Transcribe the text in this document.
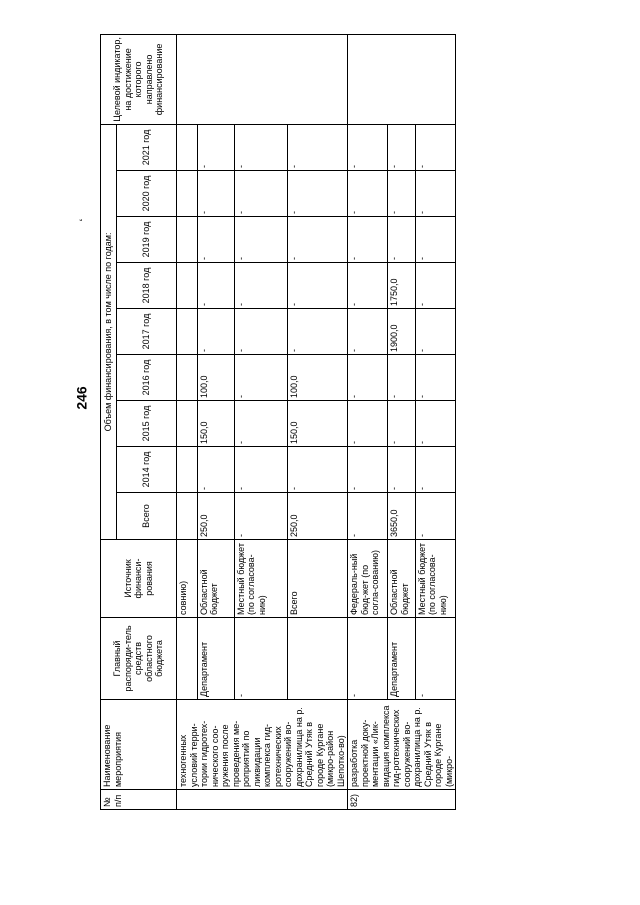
246
‘
№ п/п	Наименование мероприятия	Главный распоряди-тель средств областного бюджета	Источник финанси-рования	Объем финансирования, в том числе по годам:									Целевой индикатор, на достижение которого направлено финансирование
				Всего	2014 год	2015 год	2016 год	2017 год	2018 год	2019 год	2020 год	2021 год	
	техногенных условий терри-тории гидротех-нического соо-ружения после проведения ме-роприятий по ликвидации комплекса гид-ротехнических сооружений во-дохранилища на р. Средний Утяк в городе Кургане (микро-район Шепотко-во)		совнию)										
		Департамент	Областной бюджет	250,0	-	150,0	100,0	-	-	-	-	-	
		-	Местный бюджет (по согласова-нию)	-	-	-	-	-	-	-	-	-	
			Всего	250,0	-	150,0	100,0	-	-	-	-	-	
82)	разработка проектной доку-ментации «Лик-видация комплекса гид-ротехнических сооружений во-дохранилища на р. Средний Утяк в городе Кургане (микро-	-	Федераль-ный бюд-жет (по согла-сованию)	-	-	-	-	-	-	-	-	-	
		Департамент	Областной бюджет	3650,0	-	-	-	1900,0	1750,0	-	-	-	
		-	Местный бюджет (по согласова-нию)	-	-	-	-	-	-	-	-	-	
